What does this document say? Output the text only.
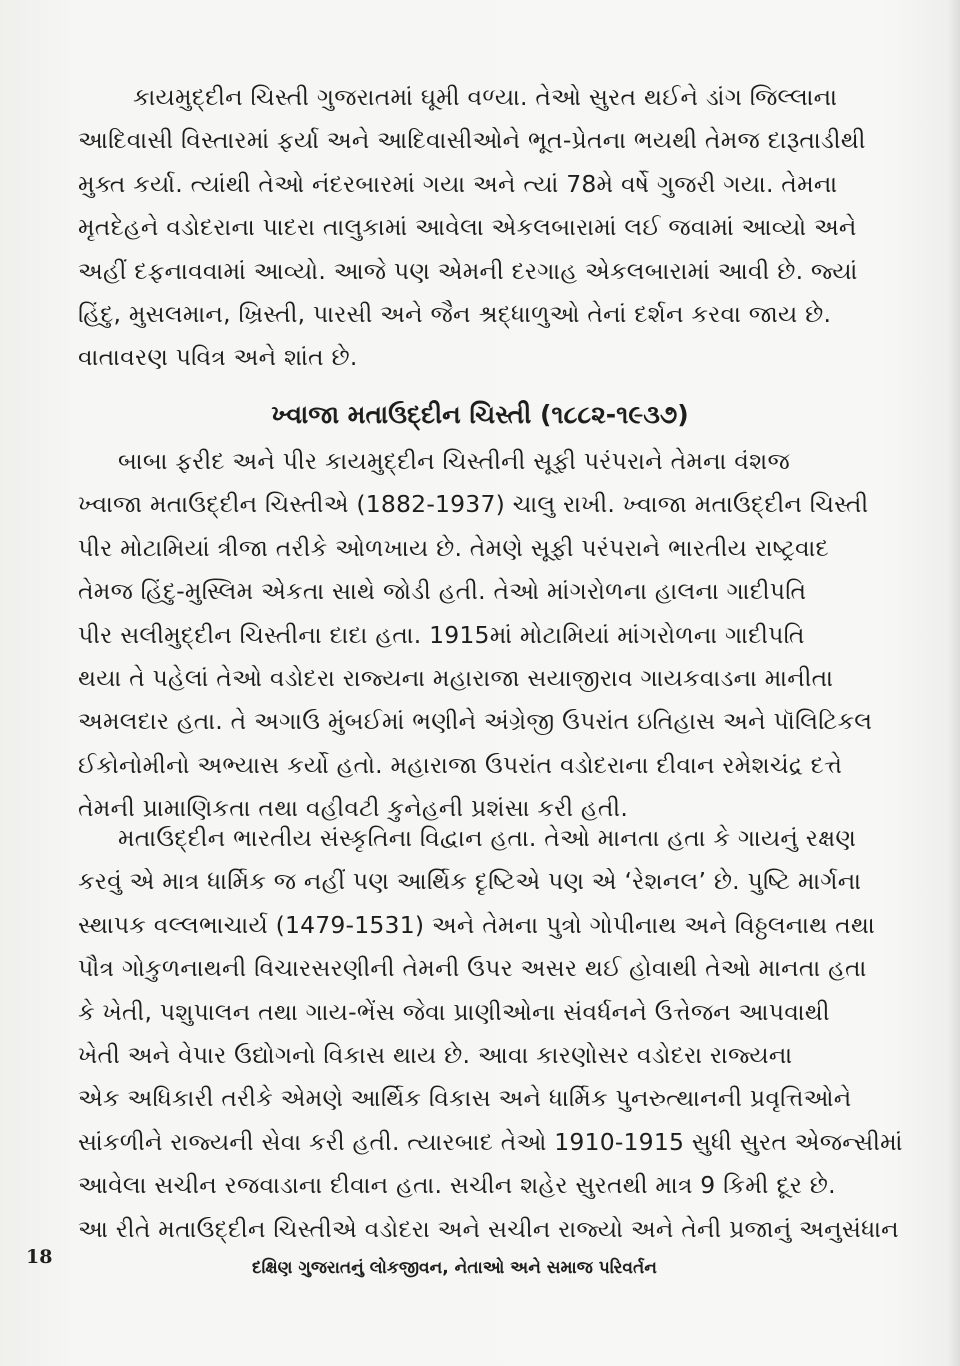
કાયમુદ્દીન ચિસ્તી ગુજરાતમાં ઘૂમી વળ્યા. તેઓ સુરત થઈને ડાંગ જિલ્લાના
આદિવાસી વિસ્તારમાં ફર્યા અને આદિવાસીઓને ભૂત-પ્રેતના ભયથી તેમજ દારૂતાડીથી
મુક્ત કર્યા. ત્યાંથી તેઓ નંદરબારમાં ગયા અને ત્યાં 78મે વર્ષે ગુજરી ગયા. તેમના
મૃતદેહને વડોદરાના પાદરા તાલુકામાં આવેલા એકલબારામાં લઈ જવામાં આવ્યો અને
અહીં દફનાવવામાં આવ્યો. આજે પણ એમની દરગાહ એકલબારામાં આવી છે. જ્યાં
હિંદુ, મુસલમાન, ખ્રિસ્તી, પારસી અને જૈન શ્રદ્ધાળુઓ તેનાં દર્શન કરવા જાય છે.
વાતાવરણ પવિત્ર અને શાંત છે.
ખ્વાજા મતાઉદ્દીન ચિસ્તી (૧૮૮૨-૧૯૩૭)
બાબા ફરીદ અને પીર કાયમુદ્દીન ચિસ્તીની સૂફી પરંપરાને તેમના વંશજ
ખ્વાજા મતાઉદ્દીન ચિસ્તીએ (1882-1937) ચાલુ રાખી. ખ્વાજા મતાઉદ્દીન ચિસ્તી
પીર મોટામિયાં ત્રીજા તરીકે ઓળખાય છે. તેમણે સૂફી પરંપરાને ભારતીય રાષ્ટ્રવાદ
તેમજ હિંદુ-મુસ્લિમ એકતા સાથે જોડી હતી. તેઓ માંગરોળના હાલના ગાદીપતિ
પીર સલીમુદ્દીન ચિસ્તીના દાદા હતા. 1915માં મોટામિયાં માંગરોળના ગાદીપતિ
થયા તે પહેલાં તેઓ વડોદરા રાજ્યના મહારાજા સયાજીરાવ ગાયકવાડના માનીતા
અમલદાર હતા. તે અગાઉ મુંબઈમાં ભણીને અંગ્રેજી ઉપરાંત ઇતિહાસ અને પૉલિટિકલ
ઈકોનોમીનો અભ્યાસ કર્યો હતો. મહારાજા ઉપરાંત વડોદરાના દીવાન રમેશચંદ્ર દત્તે
તેમની પ્રામાણિકતા તથા વહીવટી કુનેહની પ્રશંસા કરી હતી.
મતાઉદ્દીન ભારતીય સંસ્કૃતિના વિદ્વાન હતા. તેઓ માનતા હતા કે ગાયનું રક્ષણ
કરવું એ માત્ર ધાર્મિક જ નહીં પણ આર્થિક દૃષ્ટિએ પણ એ ‘રેશનલ’ છે. પુષ્ટિ માર્ગના
સ્થાપક વલ્લભાચાર્ય (1479-1531) અને તેમના પુત્રો ગોપીનાથ અને વિઠ્ઠલનાથ તથા
પૌત્ર ગોકુળનાથની વિચારસરણીની તેમની ઉપર અસર થઈ હોવાથી તેઓ માનતા હતા
કે ખેતી, પશુપાલન તથા ગાય-ભેંસ જેવા પ્રાણીઓના સંવર્ધનને ઉત્તેજન આપવાથી
ખેતી અને વેપાર ઉદ્યોગનો વિકાસ થાય છે. આવા કારણોસર વડોદરા રાજ્યના
એક અધિકારી તરીકે એમણે આર્થિક વિકાસ અને ધાર્મિક પુનરુત્થાનની પ્રવૃત્તિઓને
સાંકળીને રાજ્યની સેવા કરી હતી. ત્યારબાદ તેઓ 1910-1915 સુધી સુરત એજન્સીમાં
આવેલા સચીન રજવાડાના દીવાન હતા. સચીન શહેર સુરતથી માત્ર 9 કિમી દૂર છે.
આ રીતે મતાઉદ્દીન ચિસ્તીએ વડોદરા અને સચીન રાજ્યો અને તેની પ્રજાનું અનુસંધાન
18	દક્ષિણ ગુજરાતનું લોકજીવન, નેતાઓ અને સમાજ પરિવર્તન
